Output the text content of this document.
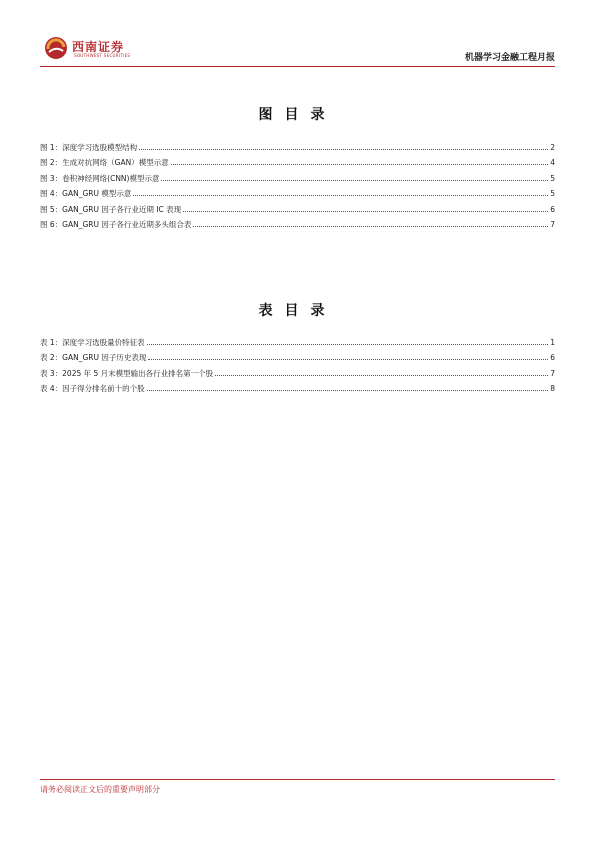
西南证券
SOUTHWEST SECURITIES	机器学习金融工程月报
图目录
图 1：深度学习选股模型结构	2
图 2：生成对抗网络（GAN）模型示意	4
图 3：卷积神经网络(CNN)模型示意	5
图 4：GAN_GRU 模型示意	5
图 5：GAN_GRU 因子各行业近期 IC 表现	6
图 6：GAN_GRU 因子各行业近期多头组合表	7
表目录
表 1：深度学习选股量价特征表	1
表 2：GAN_GRU 因子历史表现	6
表 3：2025 年 5 月末模型输出各行业排名第一个股	7
表 4：因子得分排名前十的个股	8
请务必阅读正文后的重要声明部分
